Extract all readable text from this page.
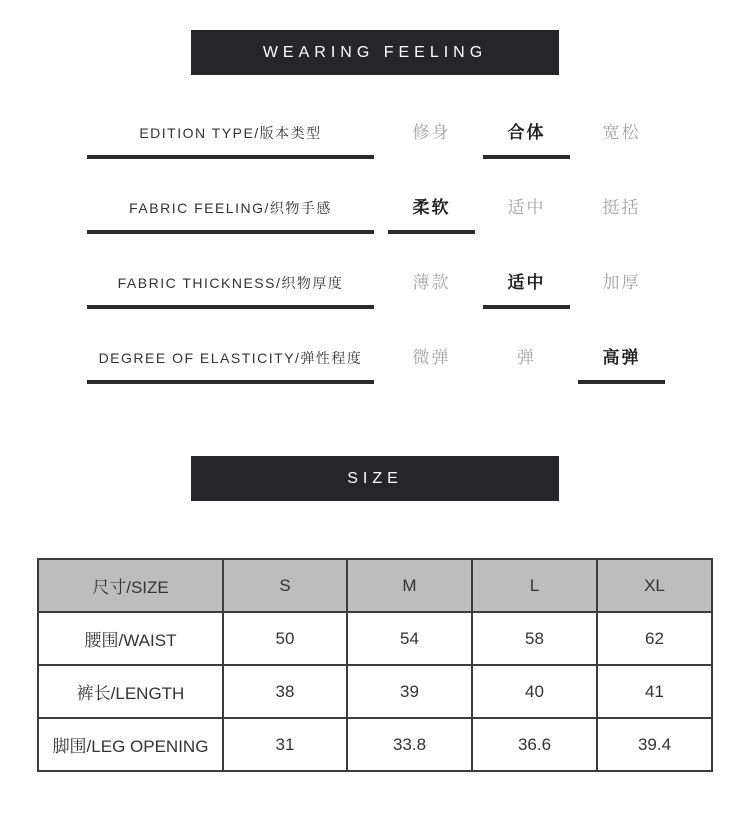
WEARING FEELING
EDITION TYPE/版本类型	修身	合体	宽松
FABRIC FEELING/织物手感	柔软	适中	挺括
FABRIC THICKNESS/织物厚度	薄款	适中	加厚
DEGREE OF ELASTICITY/弹性程度	微弹	弹	高弹
SIZE
尺寸/SIZE	S	M	L	XL
腰围/WAIST	50	54	58	62
裤长/LENGTH	38	39	40	41
脚围/LEG OPENING	31	33.8	36.6	39.4
